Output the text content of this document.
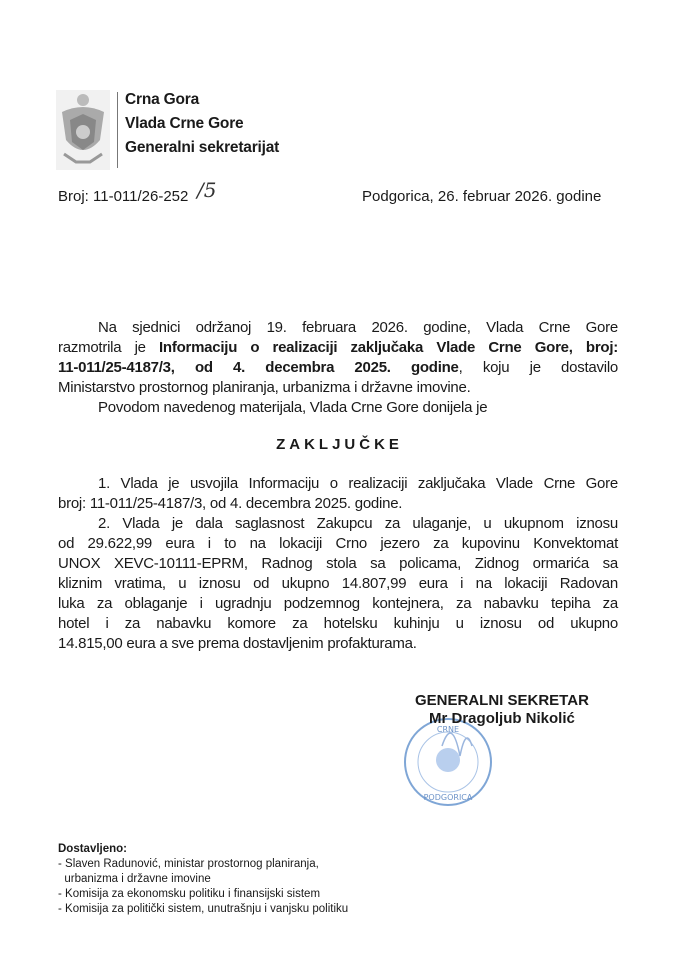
Crna Gora
Vlada Crne Gore
Generalni sekretarijat
Broj: 11-011/26-252 /5	Podgorica, 26. februar 2026. godine
Na sjednici održanoj 19. februara 2026. godine, Vlada Crne Gore
razmotrila je Informaciju o realizaciji zaključaka Vlade Crne Gore, broj:
11-011/25-4187/3, od 4. decembra 2025. godine, koju je dostavilo
Ministarstvo prostornog planiranja, urbanizma i državne imovine.
Povodom navedenog materijala, Vlada Crne Gore donijela je
ZAKLJUČKE
1. Vlada je usvojila Informaciju o realizaciji zaključaka Vlade Crne Gore
broj: 11-011/25-4187/3, od 4. decembra 2025. godine.
2. Vlada je dala saglasnost Zakupcu za ulaganje, u ukupnom iznosu
od 29.622,99 eura i to na lokaciji Crno jezero za kupovinu Konvektomat
UNOX XEVC-10111-EPRM, Radnog stola sa policama, Zidnog ormarića sa
kliznim vratima, u iznosu od ukupno 14.807,99 eura i na lokaciji Radovan
luka za oblaganje i ugradnju podzemnog kontejnera, za nabavku tepiha za
hotel i za nabavku komore za hotelsku kuhinju u iznosu od ukupno
14.815,00 eura a sve prema dostavljenim profakturama.
PODGORICA
CRNE
GENERALNI SEKRETAR
Mr Dragoljub Nikolić
Dostavljeno:
- Slaven Radunović, ministar prostornog planiranja,
urbanizma i državne imovine
- Komisija za ekonomsku politiku i finansijski sistem
- Komisija za politički sistem, unutrašnju i vanjsku politiku
